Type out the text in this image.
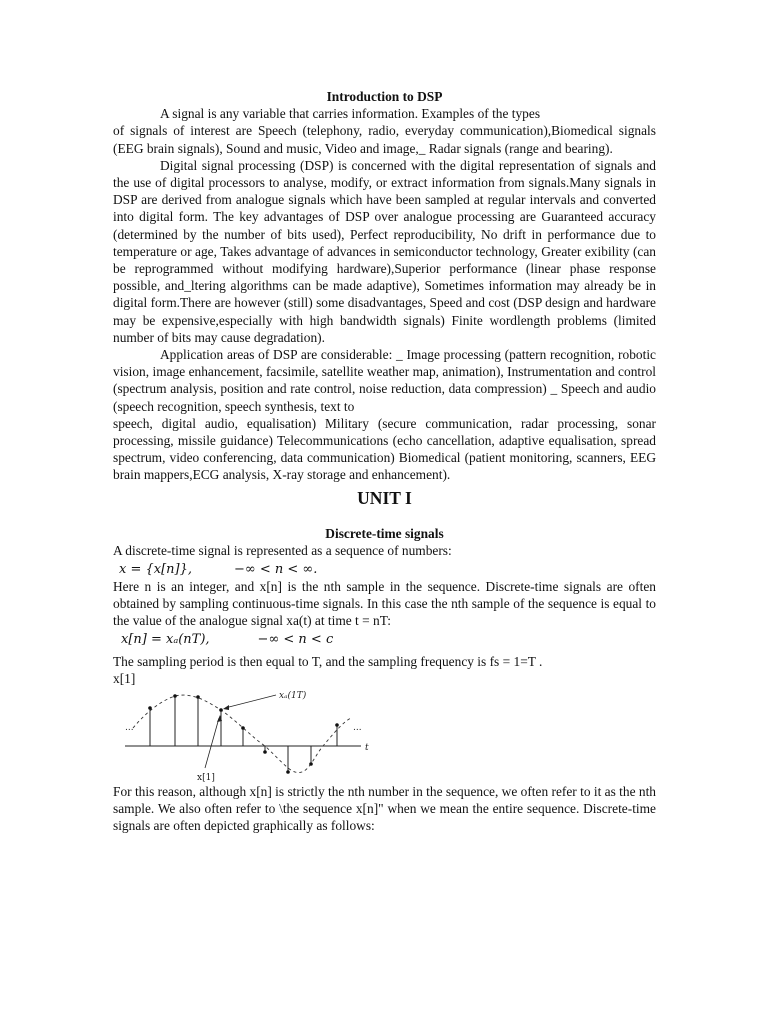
Introduction to DSP

A signal is any variable that carries information. Examples of the types

of signals of interest are Speech (telephony, radio, everyday communication),Biomedical signals (EEG brain signals), Sound and music, Video and image,_ Radar signals (range and bearing).

Digital signal processing (DSP) is concerned with the digital representation of signals and the use of digital processors to analyse, modify, or extract information from signals.Many signals in DSP are derived from analogue signals which have been sampled at regular intervals and converted into digital form. The key advantages of DSP over analogue processing are Guaranteed accuracy (determined by the number of bits used), Perfect reproducibility, No drift in performance due to temperature or age, Takes advantage of advances in semiconductor technology, Greater exibility (can be reprogrammed without modifying hardware),Superior performance (linear phase response possible, and_ltering algorithms can be made adaptive), Sometimes information may already be in digital form.There are however (still) some disadvantages, Speed and cost (DSP design and hardware may be expensive,especially with high bandwidth signals) Finite wordlength problems (limited number of bits may cause degradation).

Application areas of DSP are considerable: _ Image processing (pattern recognition, robotic vision, image enhancement, facsimile, satellite weather map, animation), Instrumentation and control (spectrum analysis, position and rate control, noise reduction, data compression) _ Speech and audio (speech recognition, speech synthesis, text to

speech, digital audio, equalisation) Military (secure communication, radar processing, sonar processing, missile guidance) Telecommunications (echo cancellation, adaptive equalisation, spread spectrum, video conferencing, data communication) Biomedical (patient monitoring, scanners, EEG brain mappers,ECG analysis, X-ray storage and enhancement).

UNIT I

Discrete-time signals

A discrete-time signal is represented as a sequence of numbers:

x = {x[n]},	−∞ < n < ∞.

Here n is an integer, and x[n] is the nth sample in the sequence. Discrete-time signals are often obtained by sampling continuous-time signals. In this case the nth sample of the sequence is equal to the value of the analogue signal xa(t) at time t = nT:

x[n] = xₐ(nT),	−∞ < n < c

The sampling period is then equal to T, and the sampling frequency is fs = 1=T .

x[1]

t
...	...
xₐ(1T)
x[1]

For this reason, although x[n] is strictly the nth number in the sequence, we often refer to it as the nth sample. We also often refer to \the sequence x[n]" when we mean the entire sequence. Discrete-time signals are often depicted graphically as follows:
